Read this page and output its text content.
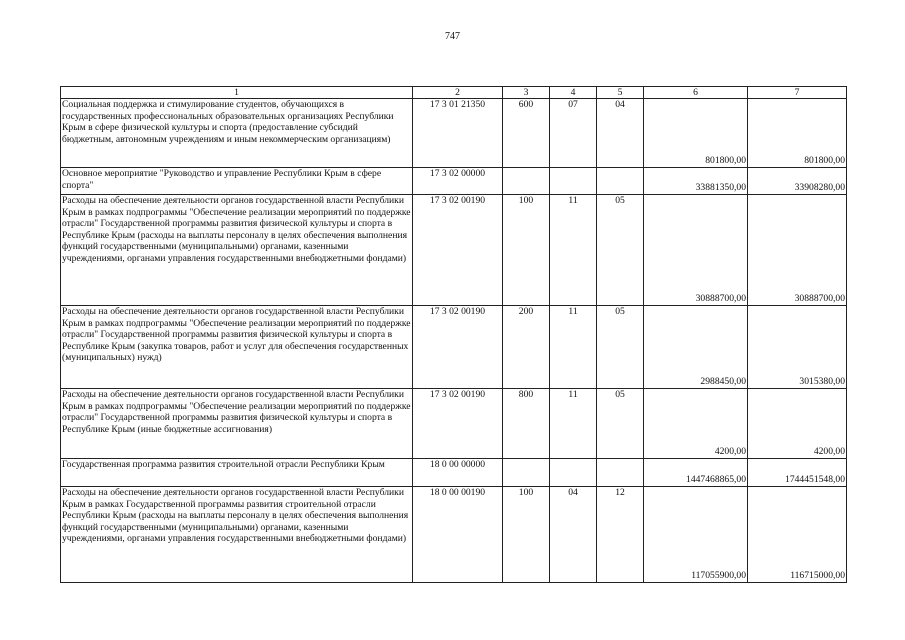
747
1	2	3	4	5	6	7
Социальная поддержка и стимулирование студентов, обучающихся в государственных профессиональных образовательных организациях Республики Крым в сфере физической культуры и спорта (предоставление субсидий бюджетным, автономным учреждениям и иным некоммерческим организациям)	17 3 01 21350	600	07	04	801800,00	801800,00
Основное мероприятие "Руководство и управление Республики Крым в сфере спорта"	17 3 02 00000				33881350,00	33908280,00
Расходы на обеспечение деятельности органов государственной власти Республики Крым в рамках подпрограммы "Обеспечение реализации мероприятий по поддержке отрасли" Государственной программы развития физической культуры и спорта в Республике Крым (расходы на выплаты персоналу в целях обеспечения выполнения функций государственными (муниципальными) органами, казенными учреждениями, органами управления государственными внебюджетными фондами)	17 3 02 00190	100	11	05	30888700,00	30888700,00
Расходы на обеспечение деятельности органов государственной власти Республики Крым в рамках подпрограммы "Обеспечение реализации мероприятий по поддержке отрасли" Государственной программы развития физической культуры и спорта в Республике Крым (закупка товаров, работ и услуг для обеспечения государственных (муниципальных) нужд)	17 3 02 00190	200	11	05	2988450,00	3015380,00
Расходы на обеспечение деятельности органов государственной власти Республики Крым в рамках подпрограммы "Обеспечение реализации мероприятий по поддержке отрасли" Государственной программы развития физической культуры и спорта в Республике Крым (иные бюджетные ассигнования)	17 3 02 00190	800	11	05	4200,00	4200,00
Государственная программа развития строительной отрасли Республики Крым	18 0 00 00000				1447468865,00	1744451548,00
Расходы на обеспечение деятельности органов государственной власти Республики Крым в рамках Государственной программы развития строительной отрасли Республики Крым (расходы на выплаты персоналу в целях обеспечения выполнения функций государственными (муниципальными) органами, казенными учреждениями, органами управления государственными внебюджетными фондами)	18 0 00 00190	100	04	12	117055900,00	116715000,00
